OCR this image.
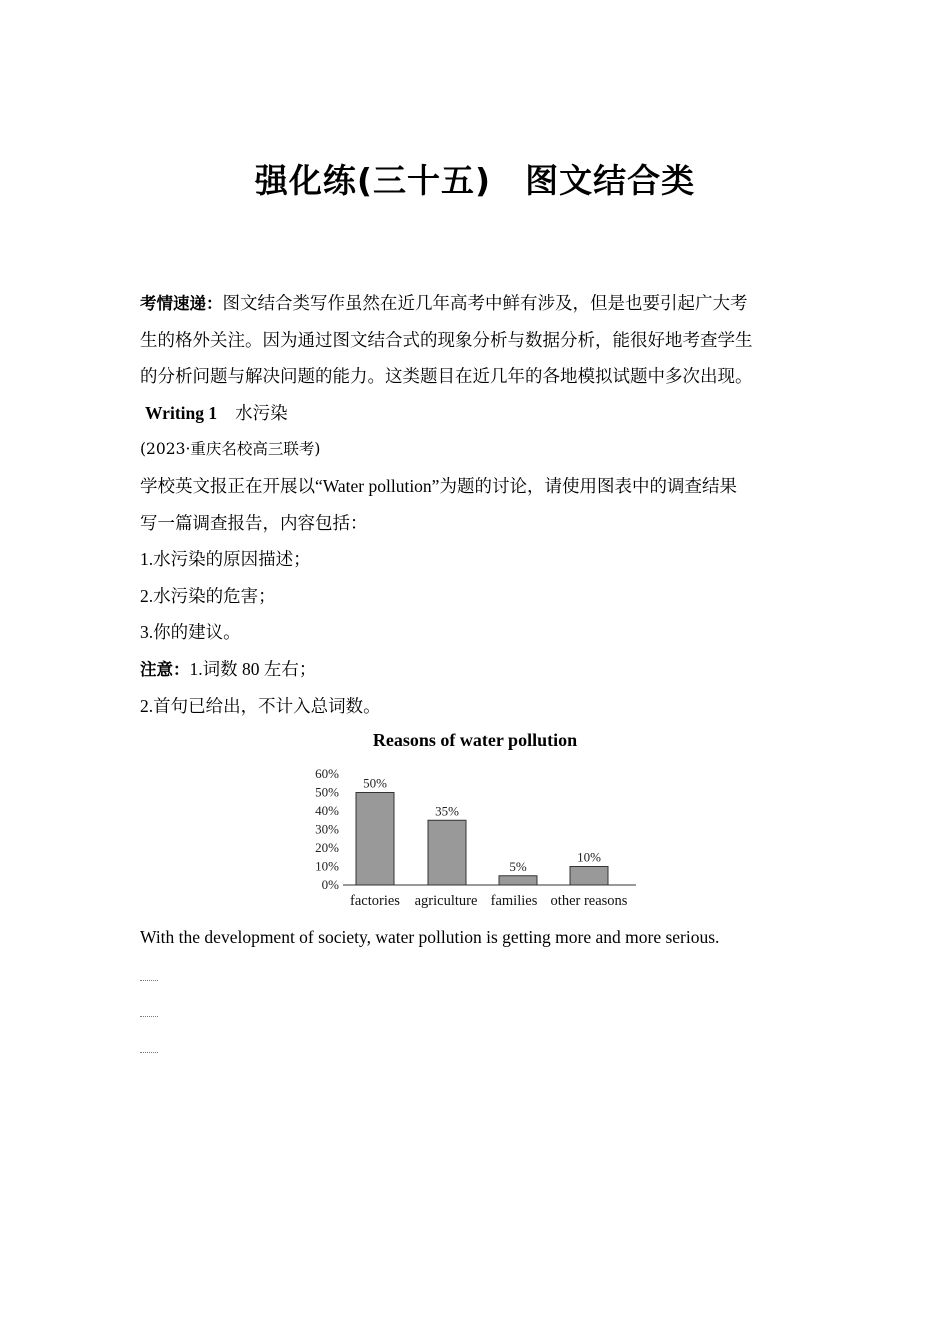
强化练(三十五) 图文结合类
考情速递：图文结合类写作虽然在近几年高考中鲜有涉及，但是也要引起广大考
生的格外关注。因为通过图文结合式的现象分析与数据分析，能很好地考查学生
的分析问题与解决问题的能力。这类题目在近几年的各地模拟试题中多次出现。
Writing 1 水污染
(2023·重庆名校高三联考)
学校英文报正在开展以“Water pollution”为题的讨论，请使用图表中的调查结果
写一篇调查报告，内容包括：
1.水污染的原因描述；
2.水污染的危害；
3.你的建议。
注意：1.词数 80 左右；
2.首句已给出，不计入总词数。
Reasons of water pollution
0%
10%
20%
30%
40%
50%
60%
50%
factories
35%
agriculture
5%
families
10%
other reasons
With the development of society, water pollution is getting more and more serious.
